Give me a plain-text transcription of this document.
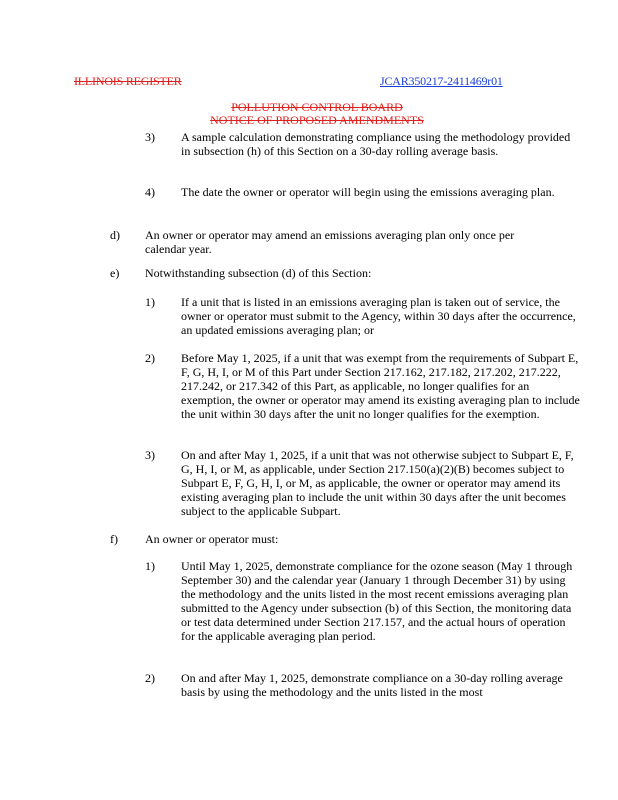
ILLINOIS REGISTER	JCAR350217-2411469r01
POLLUTION CONTROL BOARD
NOTICE OF PROPOSED AMENDMENTS
3) A sample calculation demonstrating compliance using the methodology provided in subsection (h) of this Section on a 30-day rolling average basis.
4) The date the owner or operator will begin using the emissions averaging plan.
d) An owner or operator may amend an emissions averaging plan only once per calendar year.
e) Notwithstanding subsection (d) of this Section:
1) If a unit that is listed in an emissions averaging plan is taken out of service, the owner or operator must submit to the Agency, within 30 days after the occurrence, an updated emissions averaging plan; or
2) Before May 1, 2025, if a unit that was exempt from the requirements of Subpart E, F, G, H, I, or M of this Part under Section 217.162, 217.182, 217.202, 217.222, 217.242, or 217.342 of this Part, as applicable, no longer qualifies for an exemption, the owner or operator may amend its existing averaging plan to include the unit within 30 days after the unit no longer qualifies for the exemption.
3) On and after May 1, 2025, if a unit that was not otherwise subject to Subpart E, F, G, H, I, or M, as applicable, under Section 217.150(a)(2)(B) becomes subject to Subpart E, F, G, H, I, or M, as applicable, the owner or operator may amend its existing averaging plan to include the unit within 30 days after the unit becomes subject to the applicable Subpart.
f) An owner or operator must:
1) Until May 1, 2025, demonstrate compliance for the ozone season (May 1 through September 30) and the calendar year (January 1 through December 31) by using the methodology and the units listed in the most recent emissions averaging plan submitted to the Agency under subsection (b) of this Section, the monitoring data or test data determined under Section 217.157, and the actual hours of operation for the applicable averaging plan period.
2) On and after May 1, 2025, demonstrate compliance on a 30-day rolling average basis by using the methodology and the units listed in the most
